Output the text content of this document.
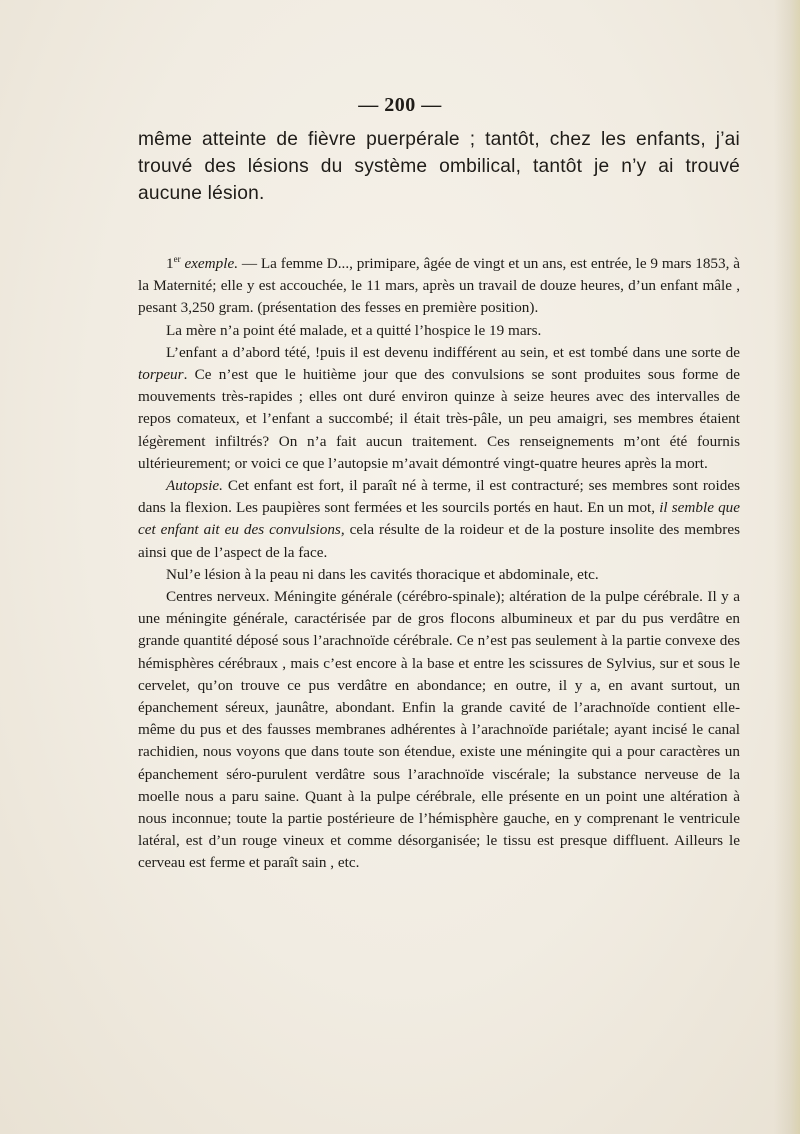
— 200 —
même atteinte de fièvre puerpérale ; tantôt, chez les enfants, j’ai trouvé des lésions du système ombilical, tantôt je n’y ai trouvé aucune lésion.

1er exemple. — La femme D..., primipare, âgée de vingt et un ans, est entrée, le 9 mars 1853, à la Maternité; elle y est accouchée, le 11 mars, après un travail de douze heures, d’un enfant mâle , pesant 3,250 gram. (présentation des fesses en première position).

La mère n’a point été malade, et a quitté l’hospice le 19 mars.

L’enfant a d’abord tété, !puis il est devenu indifférent au sein, et est tombé dans une sorte de torpeur. Ce n’est que le huitième jour que des convulsions se sont produites sous forme de mouvements très-rapides ; elles ont duré environ quinze à seize heures avec des intervalles de repos comateux, et l’enfant a succombé; il était très-pâle, un peu amaigri, ses membres étaient légèrement infiltrés? On n’a fait aucun traitement. Ces renseignements m’ont été fournis ultérieurement; or voici ce que l’autopsie m’avait démontré vingt-quatre heures après la mort.

Autopsie. Cet enfant est fort, il paraît né à terme, il est contracturé; ses membres sont roides dans la flexion. Les paupières sont fermées et les sourcils portés en haut. En un mot, il semble que cet enfant ait eu des convulsions, cela résulte de la roideur et de la posture insolite des membres ainsi que de l’aspect de la face.

Nul’e lésion à la peau ni dans les cavités thoracique et abdominale, etc.

Centres nerveux. Méningite générale (cérébro-spinale); altération de la pulpe cérébrale. Il y a une méningite générale, caractérisée par de gros flocons albumineux et par du pus verdâtre en grande quantité déposé sous l’arachnoïde cérébrale. Ce n’est pas seulement à la partie convexe des hémisphères cérébraux , mais c’est encore à la base et entre les scissures de Sylvius, sur et sous le cervelet, qu’on trouve ce pus verdâtre en abondance; en outre, il y a, en avant surtout, un épanchement séreux, jaunâtre, abondant. Enfin la grande cavité de l’arachnoïde contient elle-même du pus et des fausses membranes adhérentes à l’arachnoïde pariétale; ayant incisé le canal rachidien, nous voyons que dans toute son étendue, existe une méningite qui a pour caractères un épanchement séro-purulent verdâtre sous l’arachnoïde viscérale; la substance nerveuse de la moelle nous a paru saine. Quant à la pulpe cérébrale, elle présente en un point une altération à nous inconnue; toute la partie postérieure de l’hémisphère gauche, en y comprenant le ventricule latéral, est d’un rouge vineux et comme désorganisée; le tissu est presque diffluent. Ailleurs le cerveau est ferme et paraît sain , etc.
